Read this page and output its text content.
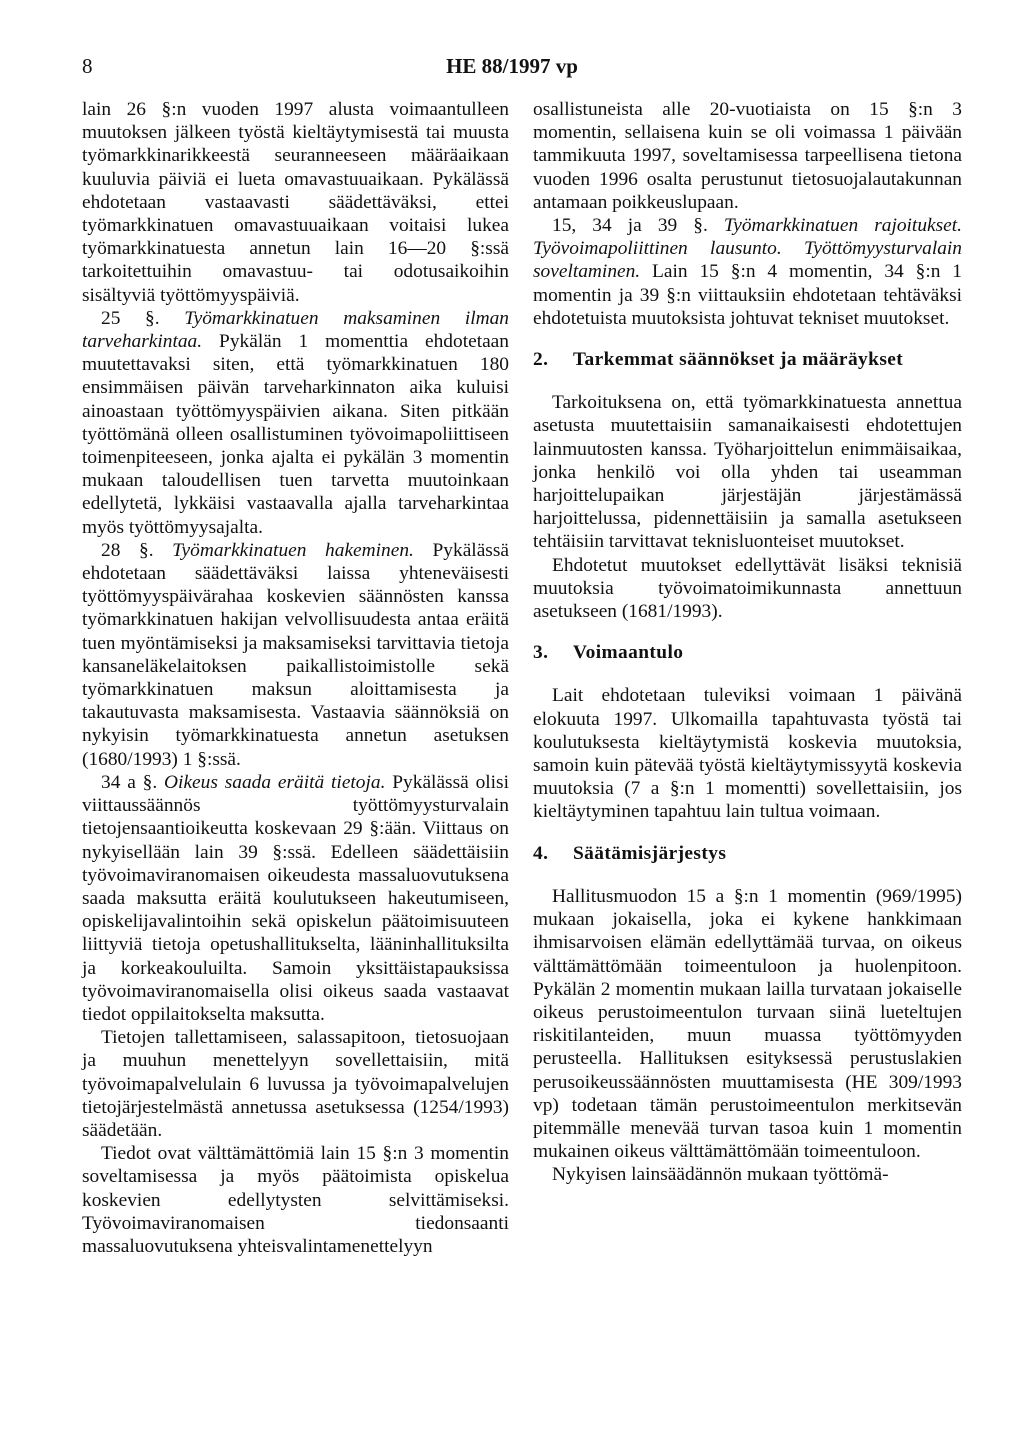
8	HE 88/1997 vp

lain 26 §:n vuoden 1997 alusta voimaantulleen muutoksen jälkeen työstä kieltäytymisestä tai muusta työmarkkinarikkeestä seuranneeseen määräaikaan kuuluvia päiviä ei lueta omavastuuaikaan. Pykälässä ehdotetaan vastaavasti säädettäväksi, ettei työmarkkinatuen omavastuuaikaan voitaisi lukea työmarkkinatuesta annetun lain 16—20 §:ssä tarkoitettuihin omavastuu- tai odotusaikoihin sisältyviä työttömyyspäiviä.

25 §. Työmarkkinatuen maksaminen ilman tarveharkintaa. Pykälän 1 momenttia ehdotetaan muutettavaksi siten, että työmarkkinatuen 180 ensimmäisen päivän tarveharkinnaton aika kuluisi ainoastaan työttömyyspäivien aikana. Siten pitkään työttömänä olleen osallistuminen työvoimapoliittiseen toimenpiteeseen, jonka ajalta ei pykälän 3 momentin mukaan taloudellisen tuen tarvetta muutoinkaan edellytetä, lykkäisi vastaavalla ajalla tarveharkintaa myös työttömyysajalta.

28 §. Työmarkkinatuen hakeminen. Pykälässä ehdotetaan säädettäväksi laissa yhteneväisesti työttömyyspäivärahaa koskevien säännösten kanssa työmarkkinatuen hakijan velvollisuudesta antaa eräitä tuen myöntämiseksi ja maksamiseksi tarvittavia tietoja kansaneläkelaitoksen paikallistoimistolle sekä työmarkkinatuen maksun aloittamisesta ja takautuvasta maksamisesta. Vastaavia säännöksiä on nykyisin työmarkkinatuesta annetun asetuksen (1680/1993) 1 §:ssä.

34 a §. Oikeus saada eräitä tietoja. Pykälässä olisi viittaussäännös työttömyysturvalain tietojensaantioikeutta koskevaan 29 §:ään. Viittaus on nykyisellään lain 39 §:ssä. Edelleen säädettäisiin työvoimaviranomaisen oikeudesta massaluovutuksena saada maksutta eräitä koulutukseen hakeutumiseen, opiskelijavalintoihin sekä opiskelun päätoimisuuteen liittyviä tietoja opetushallitukselta, lääninhallituksilta ja korkeakouluilta. Samoin yksittäistapauksissa työvoimaviranomaisella olisi oikeus saada vastaavat tiedot oppilaitokselta maksutta.

Tietojen tallettamiseen, salassapitoon, tietosuojaan ja muuhun menettelyyn sovellettaisiin, mitä työvoimapalvelulain 6 luvussa ja työvoimapalvelujen tietojärjestelmästä annetussa asetuksessa (1254/1993) säädetään.

Tiedot ovat välttämättömiä lain 15 §:n 3 momentin soveltamisessa ja myös päätoimista opiskelua koskevien edellytysten selvittämiseksi. Työvoimaviranomaisen tiedonsaanti massaluovutuksena yhteisvalintamenettelyyn

osallistuneista alle 20-vuotiaista on 15 §:n 3 momentin, sellaisena kuin se oli voimassa 1 päivään tammikuuta 1997, soveltamisessa tarpeellisena tietona vuoden 1996 osalta perustunut tietosuojalautakunnan antamaan poikkeuslupaan.

15, 34 ja 39 §. Työmarkkinatuen rajoitukset. Työvoimapoliittinen lausunto. Työttömyysturvalain soveltaminen. Lain 15 §:n 4 momentin, 34 §:n 1 momentin ja 39 §:n viittauksiin ehdotetaan tehtäväksi ehdotetuista muutoksista johtuvat tekniset muutokset.

2.	Tarkemmat säännökset ja määräykset

Tarkoituksena on, että työmarkkinatuesta annettua asetusta muutettaisiin samanaikaisesti ehdotettujen lainmuutosten kanssa. Työharjoittelun enimmäisaikaa, jonka henkilö voi olla yhden tai useamman harjoittelupaikan järjestäjän järjestämässä harjoittelussa, pidennettäisiin ja samalla asetukseen tehtäisiin tarvittavat teknisluonteiset muutokset.

Ehdotetut muutokset edellyttävät lisäksi teknisiä muutoksia työvoimatoimikunnasta annettuun asetukseen (1681/1993).

3.	Voimaantulo

Lait ehdotetaan tuleviksi voimaan 1 päivänä elokuuta 1997. Ulkomailla tapahtuvasta työstä tai koulutuksesta kieltäytymistä koskevia muutoksia, samoin kuin pätevää työstä kieltäytymissyytä koskevia muutoksia (7 a §:n 1 momentti) sovellettaisiin, jos kieltäytyminen tapahtuu lain tultua voimaan.

4.	Säätämisjärjestys

Hallitusmuodon 15 a §:n 1 momentin (969/1995) mukaan jokaisella, joka ei kykene hankkimaan ihmisarvoisen elämän edellyttämää turvaa, on oikeus välttämättömään toimeentuloon ja huolenpitoon. Pykälän 2 momentin mukaan lailla turvataan jokaiselle oikeus perustoimeentulon turvaan siinä lueteltujen riskitilanteiden, muun muassa työttömyyden perusteella. Hallituksen esityksessä perustuslakien perusoikeussäännösten muuttamisesta (HE 309/1993 vp) todetaan tämän perustoimeentulon merkitsevän pitemmälle menevää turvan tasoa kuin 1 momentin mukainen oikeus välttämättömään toimeentuloon.

Nykyisen lainsäädännön mukaan työttömä-
